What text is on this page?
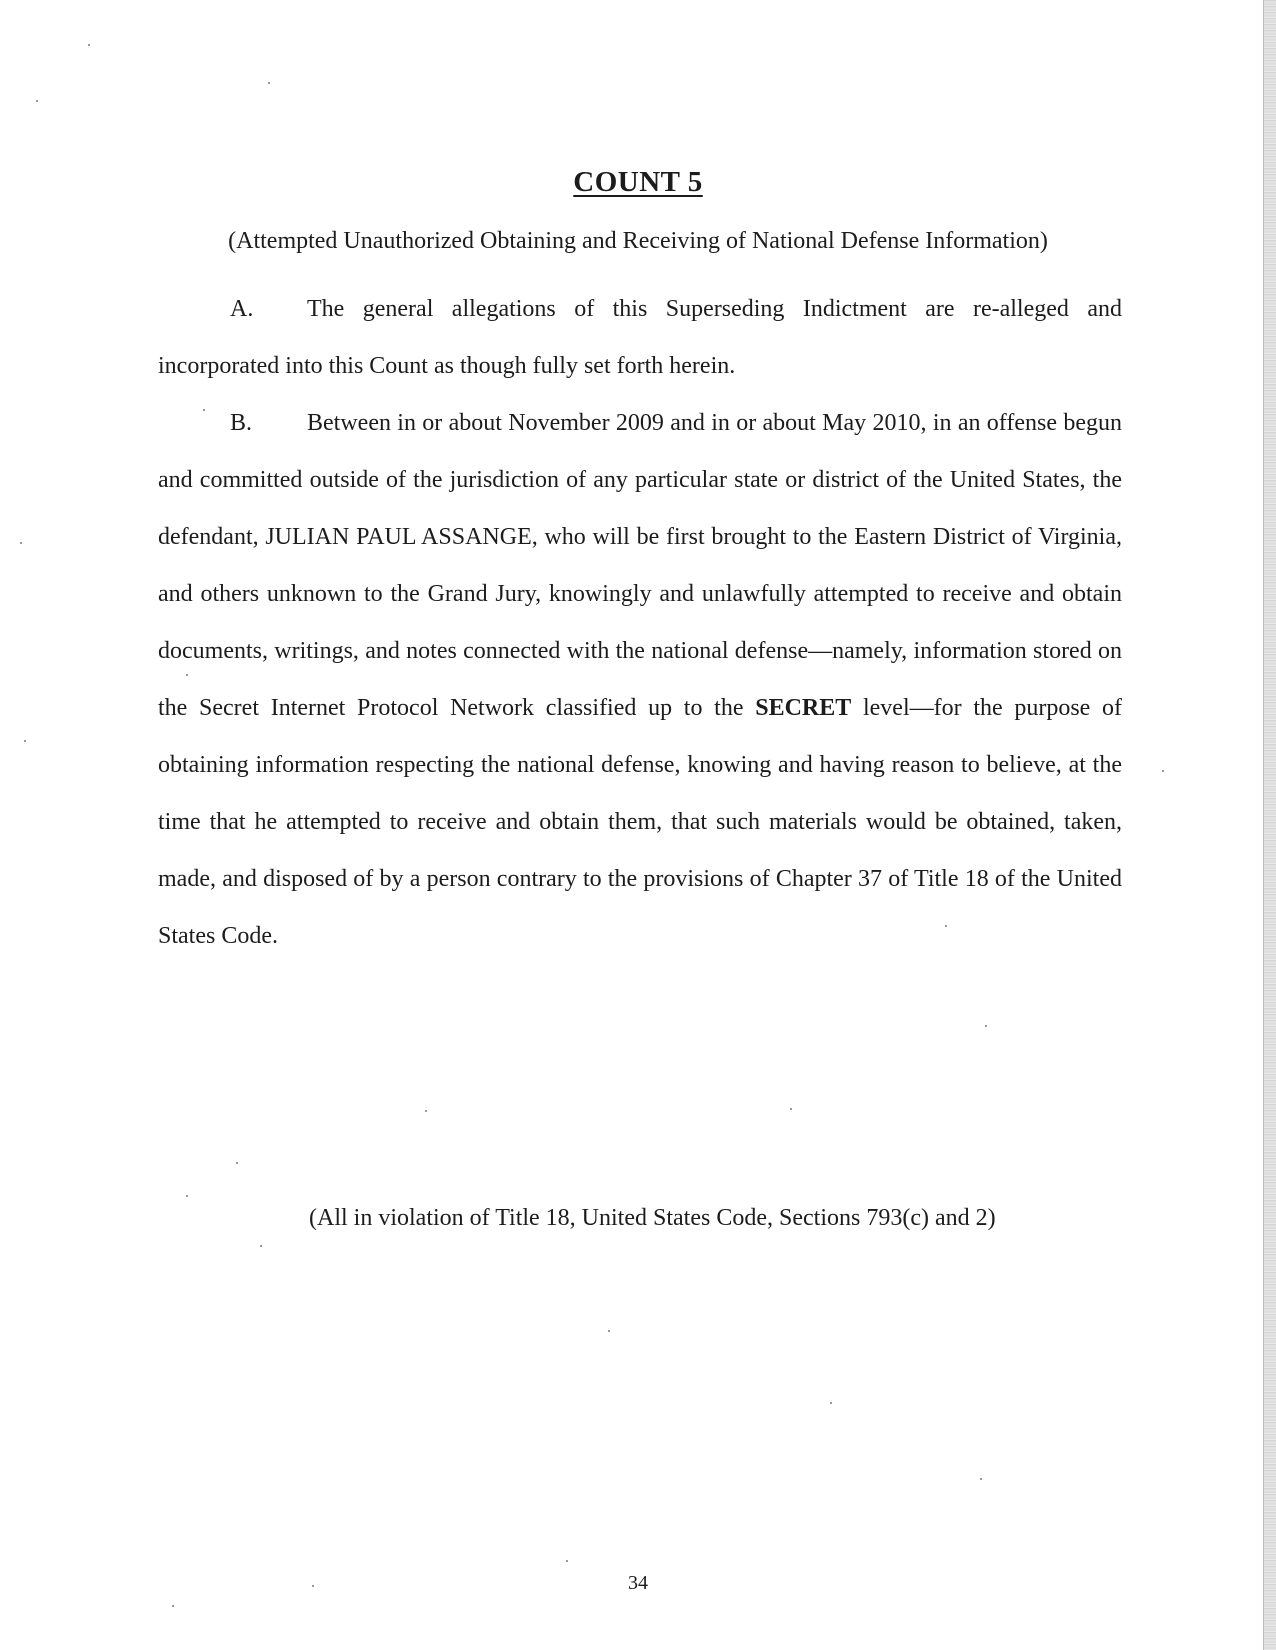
COUNT 5
(Attempted Unauthorized Obtaining and Receiving of National Defense Information)

A. The general allegations of this Superseding Indictment are re-alleged and incorporated into this Count as though fully set forth herein.

B. Between in or about November 2009 and in or about May 2010, in an offense begun and committed outside of the jurisdiction of any particular state or district of the United States, the defendant, JULIAN PAUL ASSANGE, who will be first brought to the Eastern District of Virginia, and others unknown to the Grand Jury, knowingly and unlawfully attempted to receive and obtain documents, writings, and notes connected with the national defense—namely, information stored on the Secret Internet Protocol Network classified up to the SECRET level—for the purpose of obtaining information respecting the national defense, knowing and having reason to believe, at the time that he attempted to receive and obtain them, that such materials would be obtained, taken, made, and disposed of by a person contrary to the provisions of Chapter 37 of Title 18 of the United States Code.

(All in violation of Title 18, United States Code, Sections 793(c) and 2)
34
